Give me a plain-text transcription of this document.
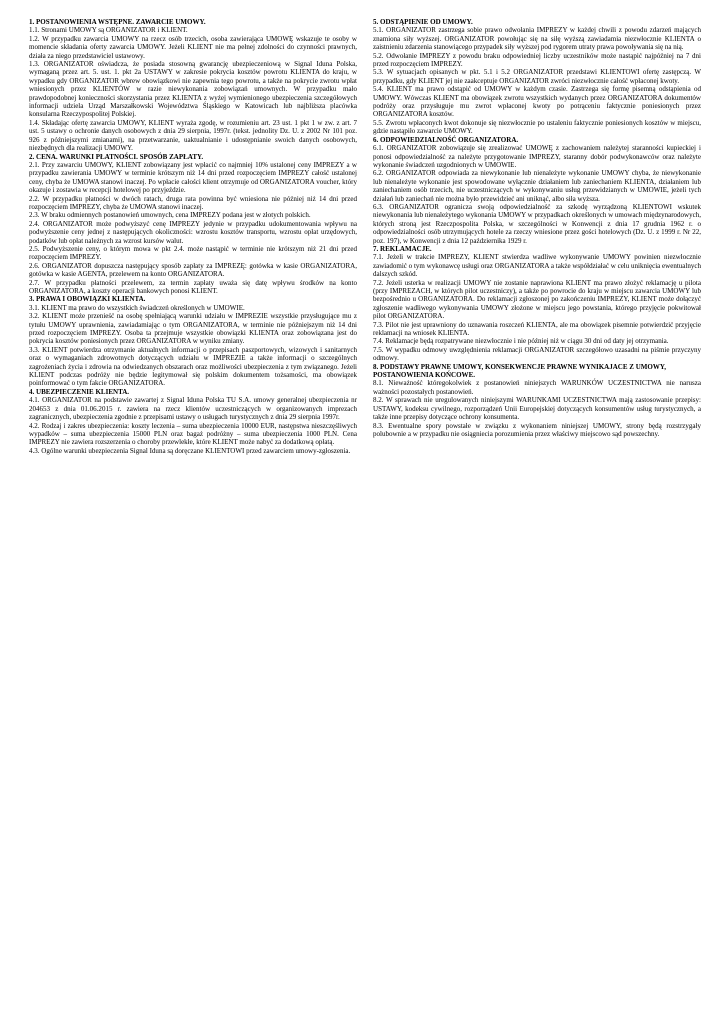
1. POSTANOWIENIA WSTĘPNE. ZAWARCIE UMOWY.

1.1. Stronami UMOWY są ORGANIZATOR i KLIENT.

1.2. W przypadku zawarcia UMOWY na rzecz osób trzecich, osoba zawierająca UMOWĘ wskazuje te osoby w momencie składania oferty zawarcia UMOWY. Jeżeli KLIENT nie ma pełnej zdolności do czynności prawnych, działa za niego przedstawiciel ustawowy.

1.3. ORGANIZATOR oświadcza, że posiada stosowną gwarancję ubezpieczeniową w Signal Iduna Polska, wymaganą przez art. 5. ust. 1. pkt 2a USTAWY w zakresie pokrycia kosztów powrotu KLIENTA do kraju, w wypadku gdy ORGANIZATOR wbrew obowiązkowi nie zapewnia tego powrotu, a także na pokrycie zwrotu wpłat wniesionych przez KLIENTÓW w razie niewykonania zobowiązań umownych. W przypadku mało prawdopodobnej konieczności skorzystania przez KLIENTA z wyżej wymienionego ubezpieczenia szczegółowych informacji udziela Urząd Marszałkowski Województwa Śląskiego w Katowicach lub najbliższa placówka konsularna Rzeczypospolitej Polskiej.

1.4. Składając ofertę zawarcia UMOWY, KLIENT wyraża zgodę, w rozumieniu art. 23 ust. 1 pkt 1 w zw. z art. 7 ust. 5 ustawy o ochronie danych osobowych z dnia 29 sierpnia, 1997r. (tekst. jednolity Dz. U. z 2002 Nr 101 poz. 926 z późniejszymi zmianami), na przetwarzanie, uaktualnianie i udostępnianie swoich danych osobowych, niezbędnych dla realizacji UMOWY.

2. CENA. WARUNKI PŁATNOŚCI. SPOSÓB ZAPŁATY.

2.1. Przy zawarciu UMOWY, KLIENT zobowiązany jest wpłacić co najmniej 10% ustalonej ceny IMPREZY a w przypadku zawierania UMOWY w terminie krótszym niż 14 dni przed rozpoczęciem IMPREZY całość ustalonej ceny, chyba że UMOWA stanowi inaczej. Po wpłacie całości klient otrzymuje od ORGANIZATORA voucher, który okazuje i zostawia w recepcji hotelowej po przyjeździe.

2.2. W przypadku płatności w dwóch ratach, druga rata powinna być wniesiona nie później niż 14 dni przed rozpoczęciem IMPREZY, chyba że UMOWA stanowi inaczej.

2.3. W braku odmiennych postanowień umownych, cena IMPREZY podana jest w złotych polskich.

2.4. ORGANIZATOR może podwyższyć cenę IMPREZY jedynie w przypadku udokumentowania wpływu na podwyższenie ceny jednej z następujących okoliczności: wzrostu kosztów transportu, wzrostu opłat urzędowych, podatków lub opłat należnych za wzrost kursów walut.

2.5. Podwyższenie ceny, o którym mowa w pkt 2.4. może nastąpić w terminie nie krótszym niż 21 dni przed rozpoczęciem IMPREZY.

2.6. ORGANIZATOR dopuszcza następujący sposób zapłaty za IMPREZĘ: gotówka w kasie ORGANIZATORA, gotówka w kasie AGENTA, przelewem na konto ORGANIZATORA.

2.7. W przypadku płatności przelewem, za termin zapłaty uważa się datę wpływu środków na konto ORGANIZATORA, a koszty operacji bankowych ponosi KLIENT.

3. PRAWA I OBOWIĄZKI KLIENTA.

3.1. KLIENT ma prawo do wszystkich świadczeń określonych w UMOWIE.

3.2. KLIENT może przenieść na osobę spełniającą warunki udziału w IMPREZIE wszystkie przysługujące mu z tytułu UMOWY uprawnienia, zawiadamiając o tym ORGANIZATORA, w terminie nie późniejszym niż 14 dni przed rozpoczęciem IMPREZY. Osoba ta przejmuje wszystkie obowiązki KLIENTA oraz zobowiązana jest do pokrycia kosztów poniesionych przez ORGANIZATORA w wyniku zmiany.

3.3. KLIENT potwierdza otrzymanie aktualnych informacji o przepisach paszportowych, wizowych i sanitarnych oraz o wymaganiach zdrowotnych dotyczących udziału w IMPREZIE a także informacji o szczególnych zagrożeniach życia i zdrowia na odwiedzanych obszarach oraz możliwości ubezpieczenia z tym związanego. Jeżeli KLIENT podczas podróży nie będzie legitymował się polskim dokumentem tożsamości, ma obowiązek poinformować o tym fakcie ORGANIZATORA.

4. UBEZPIECZENIE KLIENTA.

4.1. ORGANIZATOR na podstawie zawartej z Signal Iduna Polska TU S.A. umowy generalnej ubezpieczenia nr 204653 z dnia 01.06.2015 r. zawiera na rzecz klientów uczestniczących w organizowanych imprezach zagranicznych, ubezpieczenia zgodnie z przepisami ustawy o usługach turystycznych z dnia 29 sierpnia 1997r.

4.2. Rodzaj i zakres ubezpieczenia: koszty leczenia – suma ubezpieczenia 10000 EUR, następstwa nieszczęśliwych wypadków – suma ubezpieczenia 15000 PLN oraz bagaż podróżny – suma ubezpieczenia 1000 PLN. Cena IMPREZY nie zawiera rozszerzenia o choroby przewlekłe, które KLIENT może nabyć za dodatkową opłatą.

4.3. Ogólne warunki ubezpieczenia Signal Iduna są doręczane KLIENTOWI przed zawarciem umowy-zgłoszenia.

5. ODSTĄPIENIE OD UMOWY.

5.1. ORGANIZATOR zastrzega sobie prawo odwołania IMPREZY w każdej chwili z powodu zdarzeń mających znamiona siły wyższej. ORGANIZATOR powołując się na siłę wyższą zawiadamia niezwłocznie KLIENTA o zaistnieniu zdarzenia stanowiącego przypadek siły wyższej pod rygorem utraty prawa powoływania się na nią.

5.2. Odwołanie IMPREZY z powodu braku odpowiedniej liczby uczestników może nastąpić najpóźniej na 7 dni przed rozpoczęciem IMPREZY.

5.3. W sytuacjach opisanych w pkt. 5.1 i 5.2 ORGANIZATOR przedstawi KLIENTOWI ofertę zastępczą. W przypadku, gdy KLIENT jej nie zaakceptuje ORGANIZATOR zwróci niezwłocznie całość wpłaconej kwoty.

5.4. KLIENT ma prawo odstąpić od UMOWY w każdym czasie. Zastrzega się formę pisemną odstąpienia od UMOWY. Wówczas KLIENT ma obowiązek zwrotu wszystkich wydanych przez ORGANIZATORA dokumentów podróży oraz przysługuje mu zwrot wpłaconej kwoty po potrąceniu faktycznie poniesionych przez ORGANIZATORA kosztów.

5.5. Zwrotu wpłaconych kwot dokonuje się niezwłocznie po ustaleniu faktycznie poniesionych kosztów w miejscu, gdzie nastąpiło zawarcie UMOWY.

6. ODPOWIEDZIALNOŚĆ ORGANIZATORA.

6.1. ORGANIZATOR zobowiązuje się zrealizować UMOWĘ z zachowaniem należytej staranności kupieckiej i ponosi odpowiedzialność za należyte przygotowanie IMPREZY, staranny dobór podwykonawców oraz należyte wykonanie świadczeń uzgodnionych w UMOWIE.

6.2. ORGANIZATOR odpowiada za niewykonanie lub nienależyte wykonanie UMOWY chyba, że niewykonanie lub nienależyte wykonanie jest spowodowane wyłącznie działaniem lub zaniechaniem KLIENTA, działaniem lub zaniechaniem osób trzecich, nie uczestniczących w wykonywaniu usług przewidzianych w UMOWIE, jeżeli tych działań lub zaniechań nie można było przewidzieć ani uniknąć, albo siła wyższa.

6.3. ORGANIZATOR ogranicza swoją odpowiedzialność za szkodę wyrządzoną KLIENTOWI wskutek niewykonania lub nienależytego wykonania UMOWY w przypadkach określonych w umowach międzynarodowych, których stroną jest Rzeczpospolita Polska, w szczególności w Konwencji z dnia 17 grudnia 1962 r. o odpowiedzialności osób utrzymujących hotele za rzeczy wniesione przez gości hotelowych (Dz. U. z 1999 r. Nr 22, poz. 197), w Konwencji z dnia 12 października 1929 r.

7. REKLAMACJE.

7.1. Jeżeli w trakcie IMPREZY, KLIENT stwierdza wadliwe wykonywanie UMOWY powinien niezwłocznie zawiadomić o tym wykonawcę usługi oraz ORGANIZATORA a także współdziałać w celu uniknięcia ewentualnych dalszych szkód.

7.2. Jeżeli usterka w realizacji UMOWY nie zostanie naprawiona KLIENT ma prawo złożyć reklamację u pilota (przy IMPREZACH, w których pilot uczestniczy), a także po powrocie do kraju w miejscu zawarcia UMOWY lub bezpośrednio u ORGANIZATORA. Do reklamacji zgłoszonej po zakończeniu IMPREZY, KLIENT może dołączyć zgłoszenie wadliwego wykonywania UMOWY złożone w miejscu jego powstania, którego przyjęcie pokwitował pilot ORGANIZATORA.

7.3. Pilot nie jest uprawniony do uznawania roszczeń KLIENTA, ale ma obowiązek pisemnie potwierdzić przyjęcie reklamacji na wniosek KLIENTA.

7.4. Reklamacje będą rozpatrywane niezwłocznie i nie później niż w ciągu 30 dni od daty jej otrzymania.

7.5. W wypadku odmowy uwzględnienia reklamacji ORGANIZATOR szczegółowo uzasadni na piśmie przyczyny odmowy.

8. PODSTAWY PRAWNE UMOWY, KONSEKWENCJE PRAWNE WYNIKAJACE Z UMOWY, POSTANOWIENIA KOŃCOWE.

8.1. Nieważność któregokolwiek z postanowień niniejszych WARUNKÓW UCZESTNICTWA nie narusza ważności pozostałych postanowień.

8.2. W sprawach nie uregulowanych niniejszymi WARUNKAMI UCZESTNICTWA mają zastosowanie przepisy: USTAWY, kodeksu cywilnego, rozporządzeń Unii Europejskiej dotyczących konsumentów usług turystycznych, a także inne przepisy dotyczące ochrony konsumenta.

8.3. Ewentualne spory powstałe w związku z wykonaniem niniejszej UMOWY, strony będą rozstrzygały polubownie a w przypadku nie osiągniecia porozumienia przez właściwy miejscowo sąd powszechny.
